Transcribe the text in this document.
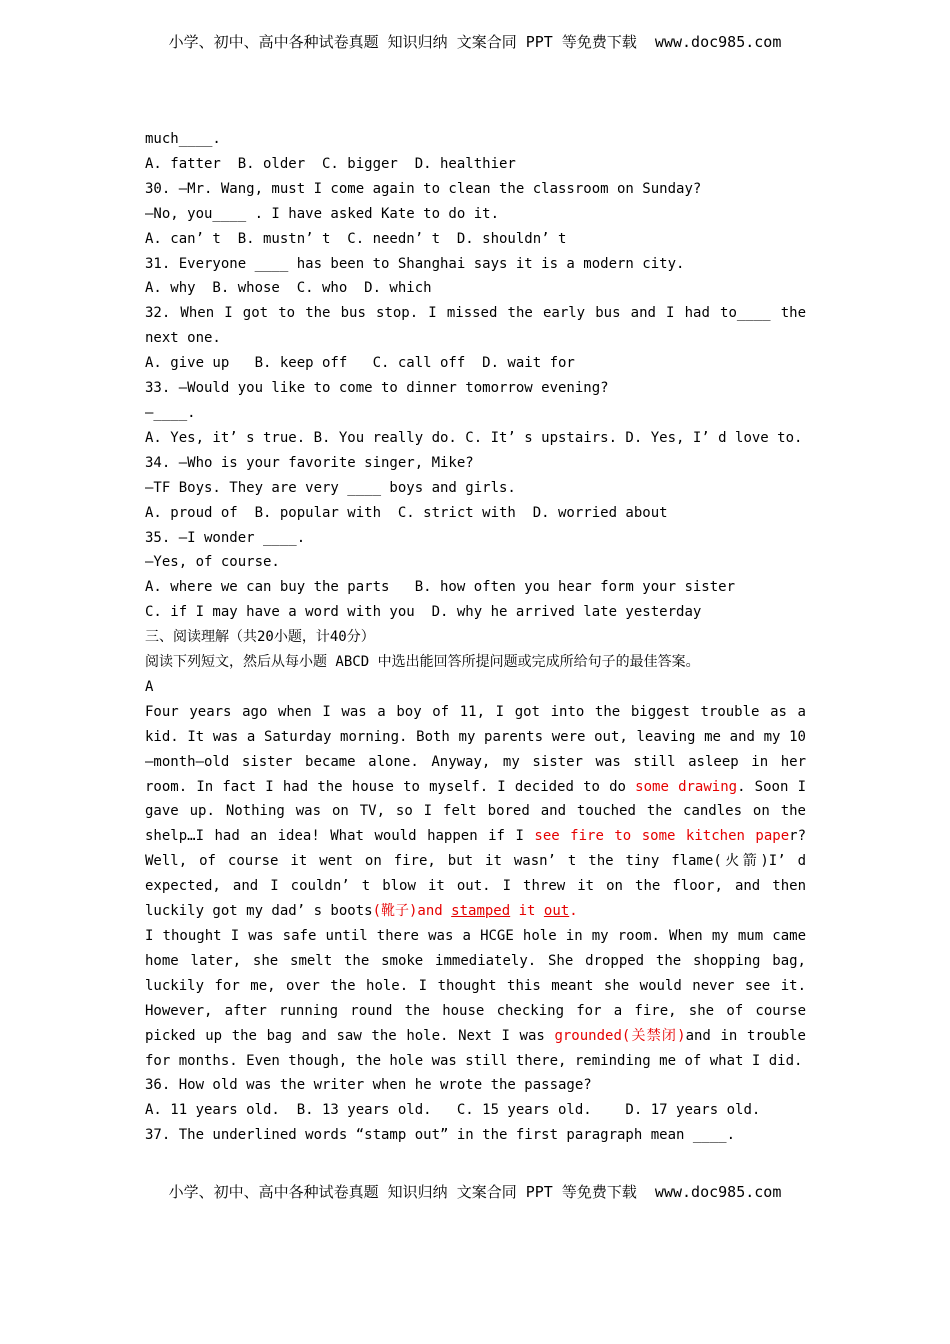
小学、初中、高中各种试卷真题 知识归纳 文案合同 PPT 等免费下载  www.doc985.com

much____.

A. fatter  B. older  C. bigger  D. healthier

30. —Mr. Wang, must I come again to clean the classroom on Sunday?

—No, you____ . I have asked Kate to do it.

A. can’ t  B. mustn’ t  C. needn’ t  D. shouldn’ t

31. Everyone ____ has been to Shanghai says it is a modern city.

A. why  B. whose  C. who  D. which

32. When I got to the bus stop. I missed the early bus and I had to____ the next one.

A. give up   B. keep off   C. call off  D. wait for

33. —Would you like to come to dinner tomorrow evening?

—____.

A. Yes, it’ s true. B. You really do. C. It’ s upstairs. D. Yes, I’ d love to.

34. —Who is your favorite singer, Mike?

—TF Boys. They are very ____ boys and girls.

A. proud of  B. popular with  C. strict with  D. worried about

35. —I wonder ____.

—Yes, of course.

A. where we can buy the parts   B. how often you hear form your sister

C. if I may have a word with you  D. why he arrived late yesterday

三、阅读理解（共20小题，计40分）

阅读下列短文，然后从每小题 ABCD 中选出能回答所提问题或完成所给句子的最佳答案。

A

Four years ago when I was a boy of 11, I got into the biggest trouble as a kid. It was a Saturday morning. Both my parents were out, leaving me and my 10—month—old sister became alone. Anyway, my sister was still asleep in her room. In fact I had the house to myself. I decided to do some drawing. Soon I gave up. Nothing was on TV, so I felt bored and touched the candles on the shelp…I had an idea! What would happen if I see fire to some kitchen paper? Well, of course it went on fire, but it wasn’ t the tiny flame(火箭)I’ d expected, and I couldn’ t blow it out. I threw it on the floor, and then luckily got my dad’ s boots(靴子)and stamped it out.

I thought I was safe until there was a HCGE hole in my room. When my mum came home later, she smelt the smoke immediately. She dropped the shopping bag, luckily for me, over the hole. I thought this meant she would never see it. However, after running round the house checking for a fire, she of course picked up the bag and saw the hole. Next I was grounded(关禁闭)and in trouble for months. Even though, the hole was still there, reminding me of what I did.

36. How old was the writer when he wrote the passage?

A. 11 years old.  B. 13 years old.   C. 15 years old.    D. 17 years old.

37. The underlined words “stamp out” in the first paragraph mean ____.

小学、初中、高中各种试卷真题 知识归纳 文案合同 PPT 等免费下载  www.doc985.com
